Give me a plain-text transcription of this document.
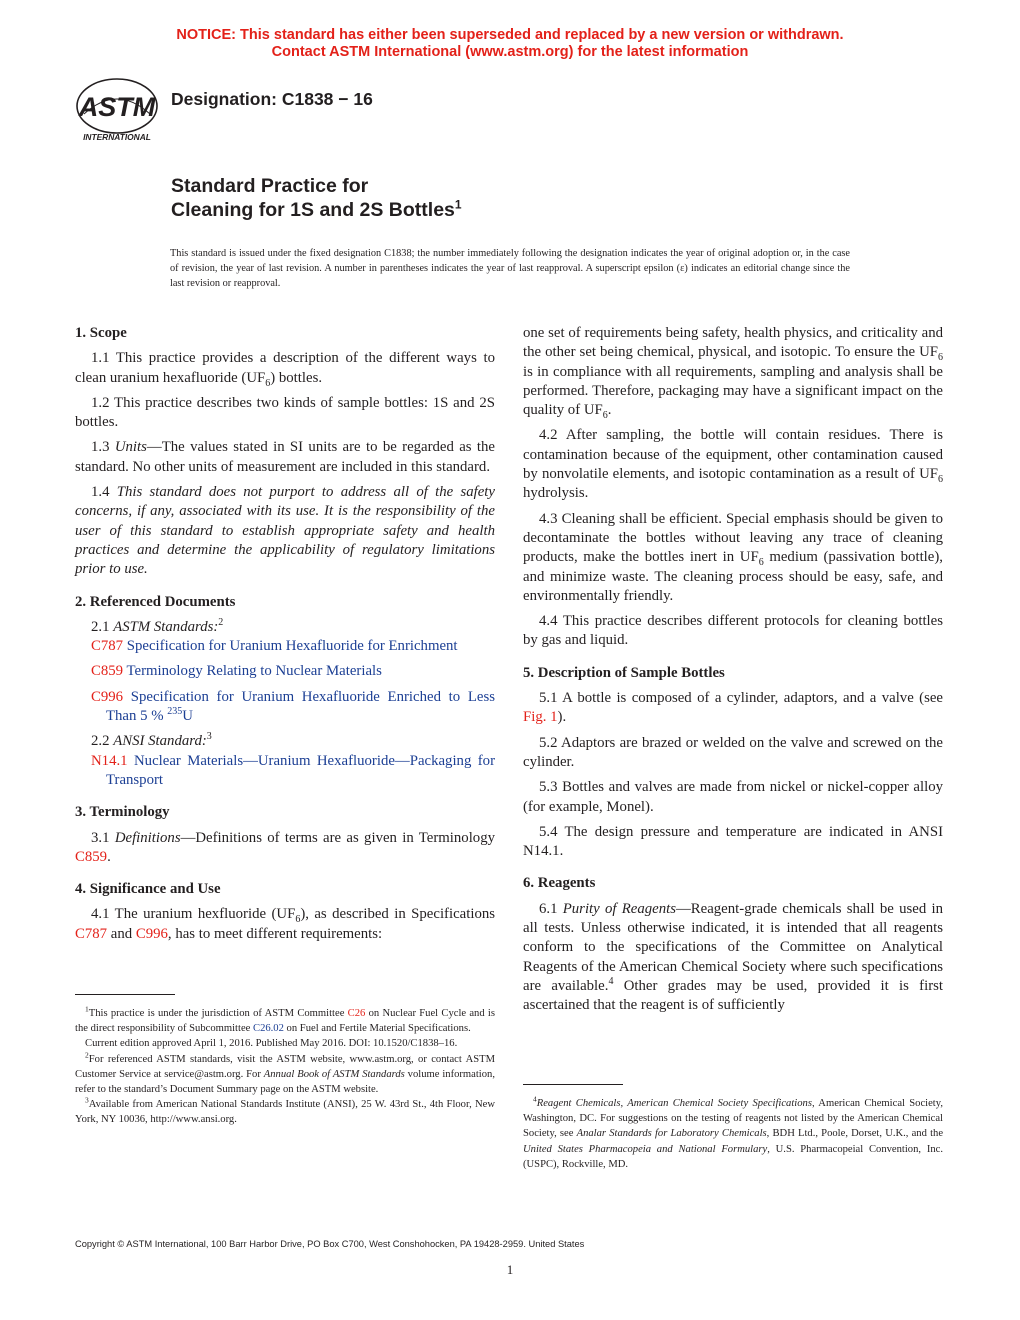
NOTICE: This standard has either been superseded and replaced by a new version or withdrawn.
Contact ASTM International (www.astm.org) for the latest information
ASTM
INTERNATIONAL
Designation: C1838 − 16
Standard Practice for
Cleaning for 1S and 2S Bottles$^1$
This standard is issued under the fixed designation C1838; the number immediately following the designation indicates the year of original adoption or, in the case of revision, the year of last revision. A number in parentheses indicates the year of last reapproval. A superscript epsilon (ε) indicates an editorial change since the last revision or reapproval.
1. Scope

1.1 This practice provides a description of the different ways to clean uranium hexafluoride $(UF_6)$ bottles.

1.2 This practice describes two kinds of sample bottles: 1S and 2S bottles.

1.3 Units—The values stated in SI units are to be regarded as the standard. No other units of measurement are included in this standard.

1.4 This standard does not purport to address all of the safety concerns, if any, associated with its use. It is the responsibility of the user of this standard to establish appropriate safety and health practices and determine the applicability of regulatory limitations prior to use.

2. Referenced Documents

2.1 ASTM Standards:$^2$

C787 Specification for Uranium Hexafluoride for Enrichment

C859 Terminology Relating to Nuclear Materials

C996 Specification for Uranium Hexafluoride Enriched to Less Than 5 % $^{235}$U

2.2 ANSI Standard:$^3$

N14.1 Nuclear Materials—Uranium Hexafluoride—Packaging for Transport

3. Terminology

3.1 Definitions—Definitions of terms are as given in Terminology C859.

4. Significance and Use

4.1 The uranium hexfluoride $(UF_6)$, as described in Specifications C787 and C996, has to meet different requirements:

one set of requirements being safety, health physics, and criticality and the other set being chemical, physical, and isotopic. To ensure the $UF_6$ is in compliance with all requirements, sampling and analysis shall be performed. Therefore, packaging may have a significant impact on the quality of $UF_6$.

4.2 After sampling, the bottle will contain residues. There is contamination because of the equipment, other contamination caused by nonvolatile elements, and isotopic contamination as a result of $UF_6$ hydrolysis.

4.3 Cleaning shall be efficient. Special emphasis should be given to decontaminate the bottles without leaving any trace of cleaning products, make the bottles inert in $UF_6$ medium (passivation bottle), and minimize waste. The cleaning process should be easy, safe, and environmentally friendly.

4.4 This practice describes different protocols for cleaning bottles by gas and liquid.

5. Description of Sample Bottles

5.1 A bottle is composed of a cylinder, adaptors, and a valve (see Fig. 1).

5.2 Adaptors are brazed or welded on the valve and screwed on the cylinder.

5.3 Bottles and valves are made from nickel or nickel-copper alloy (for example, Monel).

5.4 The design pressure and temperature are indicated in ANSI N14.1.

6. Reagents

6.1 Purity of Reagents—Reagent-grade chemicals shall be used in all tests. Unless otherwise indicated, it is intended that all reagents conform to the specifications of the Committee on Analytical Reagents of the American Chemical Society where such specifications are available.$^4$ Other grades may be used, provided it is first ascertained that the reagent is of sufficiently

$^1$This practice is under the jurisdiction of ASTM Committee C26 on Nuclear Fuel Cycle and is the direct responsibility of Subcommittee C26.02 on Fuel and Fertile Material Specifications.

Current edition approved April 1, 2016. Published May 2016. DOI: 10.1520/C1838–16.

$^2$For referenced ASTM standards, visit the ASTM website, www.astm.org, or contact ASTM Customer Service at service@astm.org. For Annual Book of ASTM Standards volume information, refer to the standard’s Document Summary page on the ASTM website.

$^3$Available from American National Standards Institute (ANSI), 25 W. 43rd St., 4th Floor, New York, NY 10036, http://www.ansi.org.

$^4$Reagent Chemicals, American Chemical Society Specifications, American Chemical Society, Washington, DC. For suggestions on the testing of reagents not listed by the American Chemical Society, see Analar Standards for Laboratory Chemicals, BDH Ltd., Poole, Dorset, U.K., and the United States Pharmacopeia and National Formulary, U.S. Pharmacopeial Convention, Inc. (USPC), Rockville, MD.

Copyright © ASTM International, 100 Barr Harbor Drive, PO Box C700, West Conshohocken, PA 19428-2959. United States
1
